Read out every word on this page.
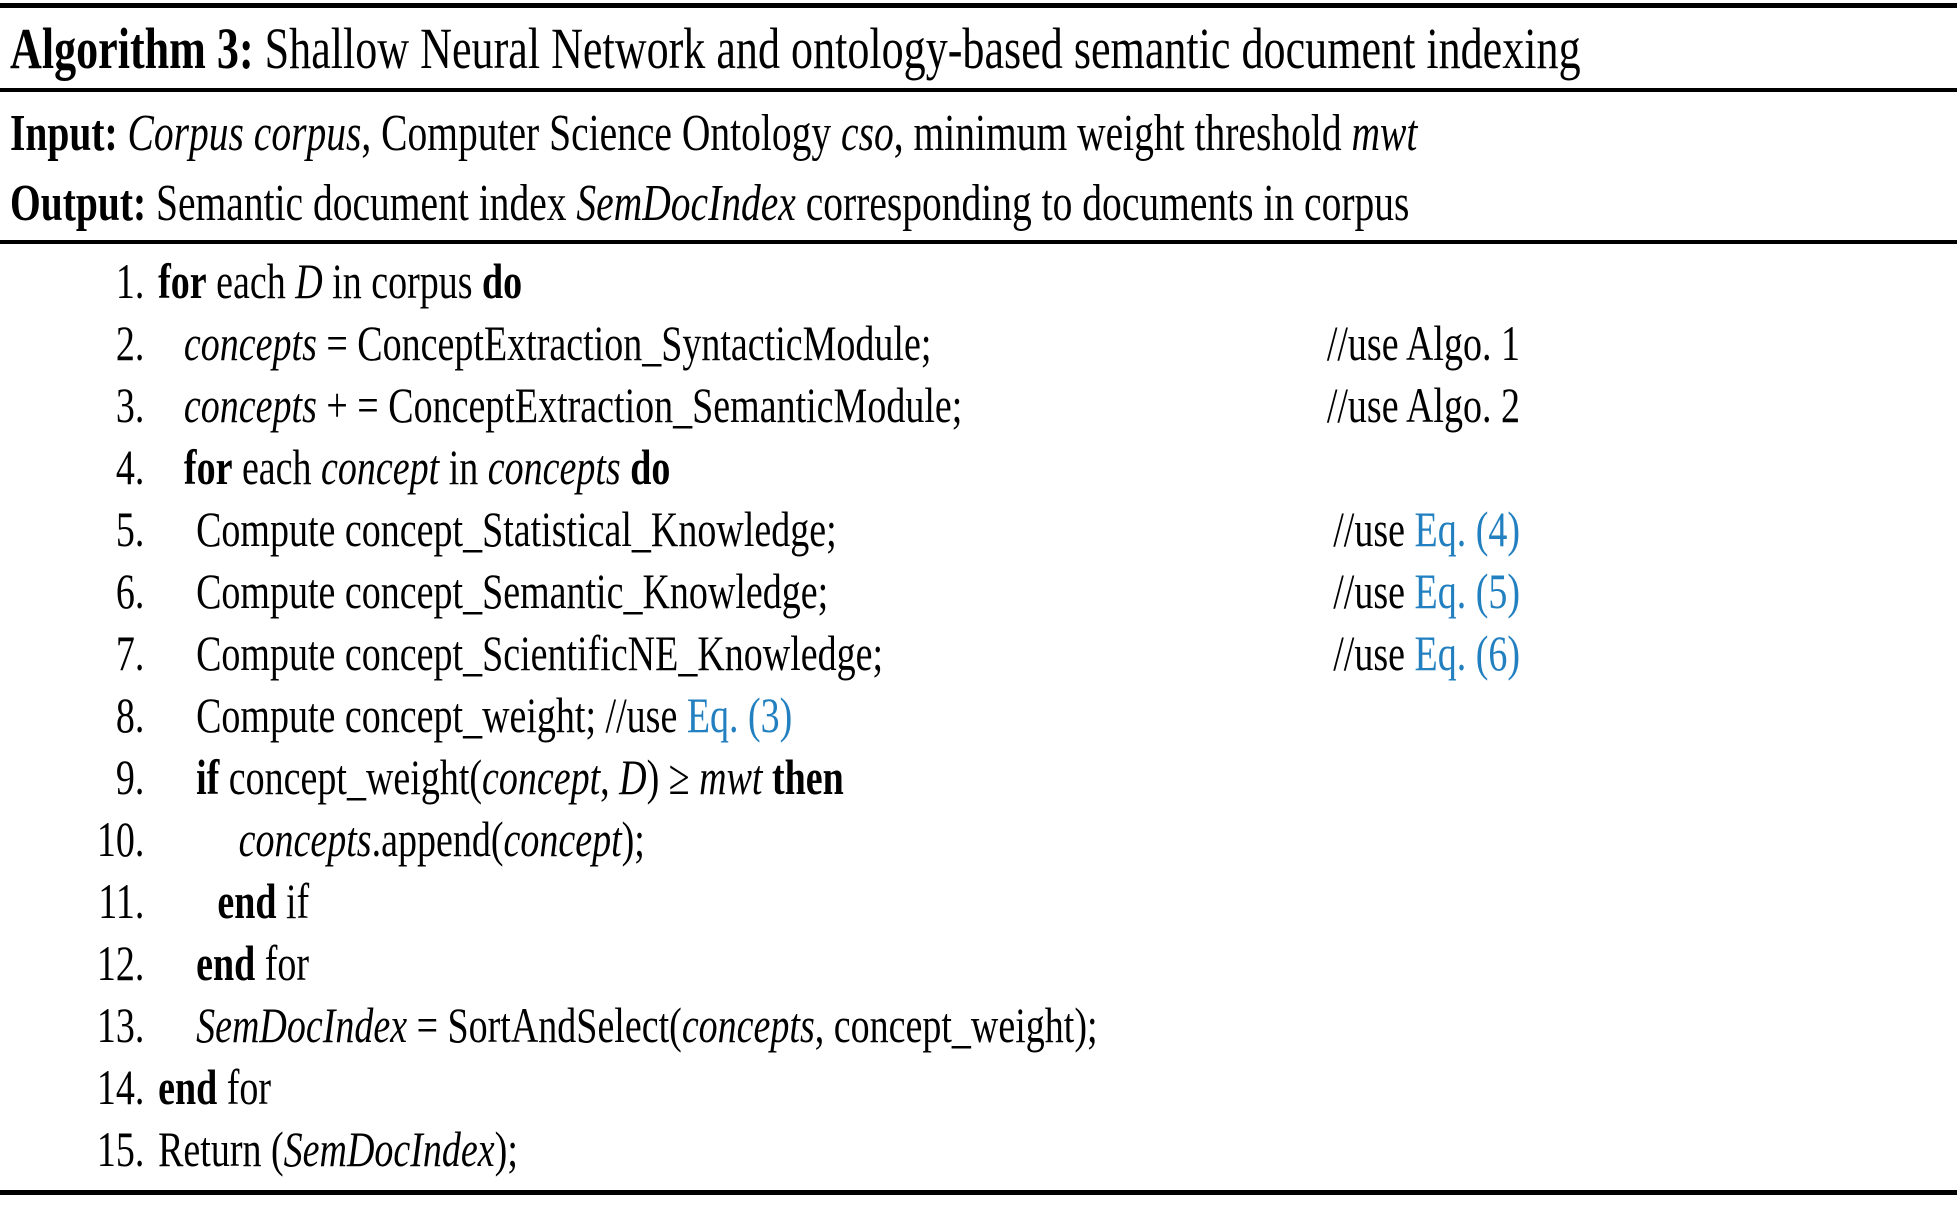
Algorithm 3: Shallow Neural Network and ontology-based semantic document indexing
Input: Corpus corpus, Computer Science Ontology cso, minimum weight threshold mwt
Output: Semantic document index SemDocIndex corresponding to documents in corpus
1. for each D in corpus do
2. concepts = ConceptExtraction_SyntacticModule;	//use Algo. 1
3. concepts + = ConceptExtraction_SemanticModule;	//use Algo. 2
4. for each concept in concepts do
5.	Compute concept_Statistical_Knowledge;	//use Eq. (4)
6.	Compute concept_Semantic_Knowledge;	//use Eq. (5)
7.	Compute concept_ScientificNE_Knowledge;	//use Eq. (6)
8.	Compute concept_weight; //use Eq. (3)
9.	if concept_weight(concept, D) ≥ mwt then
10.	concepts.append(concept);
11.	end if
12.	end for
13.	SemDocIndex = SortAndSelect(concepts, concept_weight);
14. end for
15. Return (SemDocIndex);
